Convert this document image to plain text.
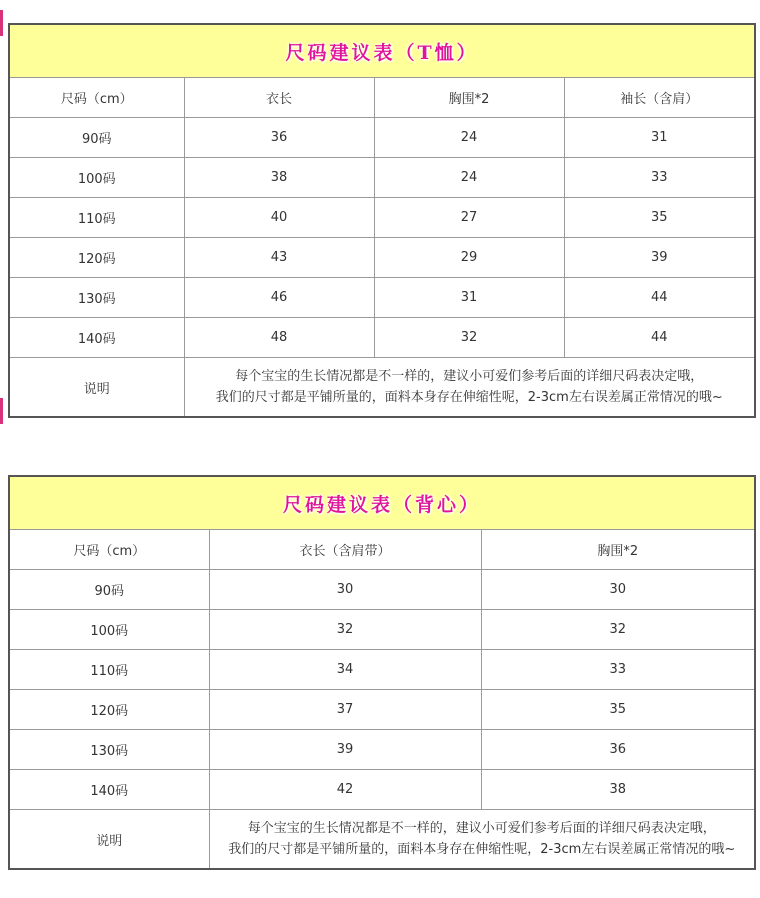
尺码建议表（T恤）			
尺码（cm）	衣长	胸围*2	袖长（含肩）
90码	36	24	31
100码	38	24	33
110码	40	27	35
120码	43	29	39
130码	46	31	44
140码	48	32	44
说明	每个宝宝的生长情况都是不一样的，建议小可爱们参考后面的详细尺码表决定哦，
我们的尺寸都是平铺所量的，面料本身存在伸缩性呢，2-3cm左右误差属正常情况的哦~		
尺码建议表（背心）		
尺码（cm）	衣长（含肩带）	胸围*2
90码	30	30
100码	32	32
110码	34	33
120码	37	35
130码	39	36
140码	42	38
说明	每个宝宝的生长情况都是不一样的，建议小可爱们参考后面的详细尺码表决定哦，
我们的尺寸都是平铺所量的，面料本身存在伸缩性呢，2-3cm左右误差属正常情况的哦~	
